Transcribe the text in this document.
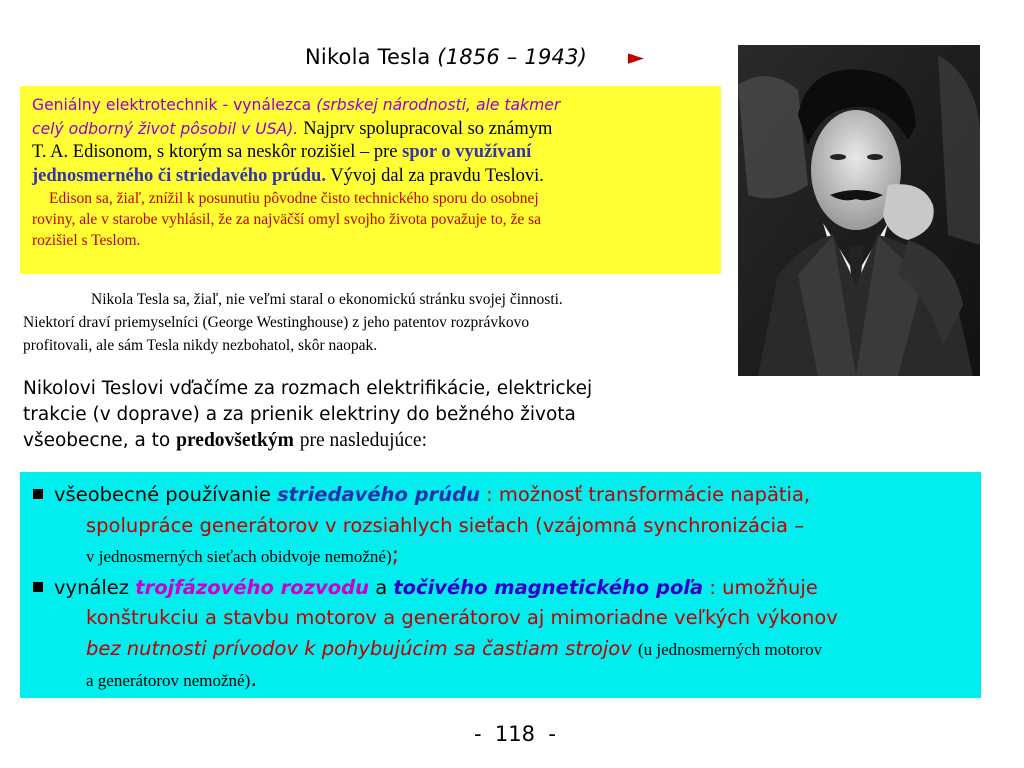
Nikola Tesla (1856 – 1943) ►
Geniálny elektrotechnik - vynálezca (srbskej národnosti, ale takmer
celý odborný život pôsobil v USA). Najprv spolupracoval so známym
T. A. Edisonom, s ktorým sa neskôr rozišiel – pre spor o využívaní
jednosmerného či striedavého prúdu. Vývoj dal za pravdu Teslovi.
Edison sa, žiaľ, znížil k posunutiu pôvodne čisto technického sporu do osobnej
roviny, ale v starobe vyhlásil, že za najväčší omyl svojho života považuje to, že sa
rozišiel s Teslom.
Nikola Tesla sa, žiaľ, nie veľmi staral o ekonomickú stránku svojej činnosti.
Niektorí draví priemyselníci (George Westinghouse) z jeho patentov rozprávkovo
profitovali, ale sám Tesla nikdy nezbohatol, skôr naopak.
Nikolovi Teslovi vďačíme za rozmach elektrifikácie, elektrickej
trakcie (v doprave) a za prienik elektriny do bežného života
všeobecne, a to predovšetkým pre nasledujúce:
všeobecné používanie striedavého prúdu : možnosť transformácie napätia,
spolupráce generátorov v rozsiahlych sieťach (vzájomná synchronizácia –
v jednosmerných sieťach obidvoje nemožné);
vynález trojfázového rozvodu a točivého magnetického poľa : umožňuje
konštrukciu a stavbu motorov a generátorov aj mimoriadne veľkých výkonov
bez nutnosti prívodov k pohybujúcim sa častiam strojov (u jednosmerných motorov
a generátorov nemožné).
-  118  -
